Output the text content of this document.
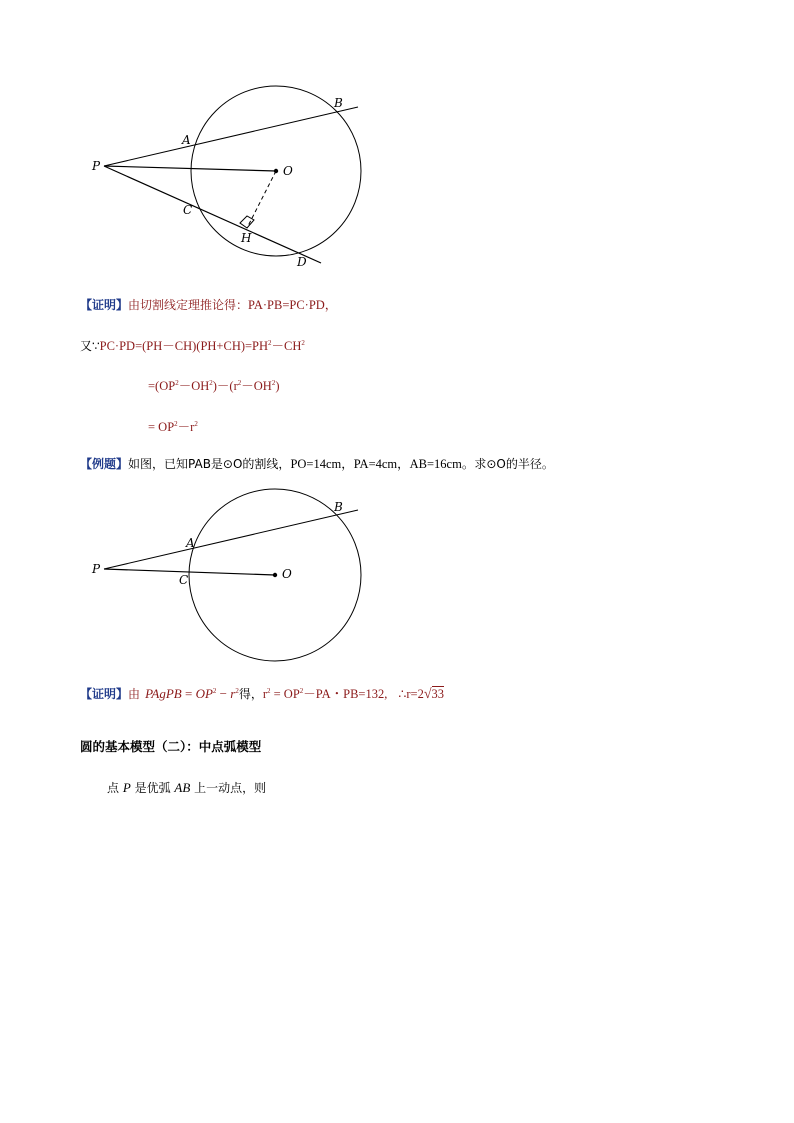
B
A
P	O
C
H
D
【证明】由切割线定理推论得：PA·PB=PC·PD，
又$\because PC\cdot PD=(PH-CH)(PH+CH)=PH^2-CH^2$
$=(OP^2-OH^2)-(r^2-OH^2)$
= $OP^2-r^2$
【例题】如图，已知PAB是⊙O的割线，PO=14cm，PA=4cm，AB=16cm。求⊙O的半径。
B
A
P	O
C
【证明】由 PAgPB = $OP^2 - r^2$得，$r^2 = OP^2-PA$・PB=132, ∴r=2√33
圆的基本模型（二）：中点弧模型
点 P 是优弧 AB 上一动点，则
